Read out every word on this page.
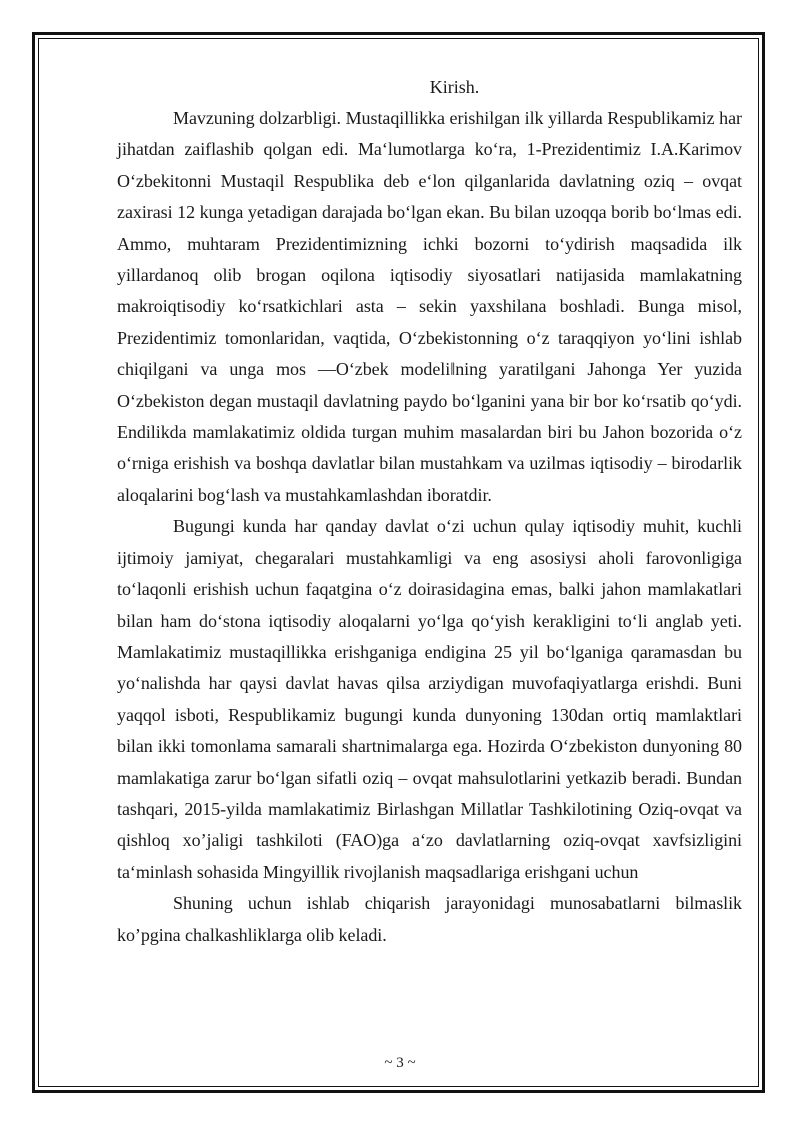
Kirish.

Mavzuning dolzarbligi. Mustaqillikka erishilgan ilk yillarda Respublikamiz har jihatdan zaiflashib qolgan edi. Ma‘lumotlarga ko‘ra, 1-Prezidentimiz I.A.Karimov O‘zbekitonni Mustaqil Respublika deb e‘lon qilganlarida davlatning oziq – ovqat zaxirasi 12 kunga yetadigan darajada bo‘lgan ekan. Bu bilan uzoqqa borib bo‘lmas edi. Ammo, muhtaram Prezidentimizning ichki bozorni to‘ydirish maqsadida ilk yillardanoq olib brogan oqilona iqtisodiy siyosatlari natijasida mamlakatning makroiqtisodiy ko‘rsatkichlari asta – sekin yaxshilana boshladi. Bunga misol, Prezidentimiz tomonlaridan, vaqtida, O‘zbekistonning o‘z taraqqiyon yo‘lini ishlab chiqilgani va unga mos ―O‘zbek modeli‖ning yaratilgani Jahonga Yer yuzida O‘zbekiston degan mustaqil davlatning paydo bo‘lganini yana bir bor ko‘rsatib qo‘ydi. Endilikda mamlakatimiz oldida turgan muhim masalardan biri bu Jahon bozorida o‘z o‘rniga erishish va boshqa davlatlar bilan mustahkam va uzilmas iqtisodiy – birodarlik aloqalarini bog‘lash va mustahkamlashdan iboratdir.

Bugungi kunda har qanday davlat o‘zi uchun qulay iqtisodiy muhit, kuchli ijtimoiy jamiyat, chegaralari mustahkamligi va eng asosiysi aholi farovonligiga to‘laqonli erishish uchun faqatgina o‘z doirasidagina emas, balki jahon mamlakatlari bilan ham do‘stona iqtisodiy aloqalarni yo‘lga qo‘yish kerakligini to‘li anglab yeti. Mamlakatimiz mustaqillikka erishganiga endigina 25 yil bo‘lganiga qaramasdan bu yo‘nalishda har qaysi davlat havas qilsa arziydigan muvofaqiyatlarga erishdi. Buni yaqqol isboti, Respublikamiz bugungi kunda dunyoning 130dan ortiq mamlaktlari bilan ikki tomonlama samarali shartnimalarga ega. Hozirda O‘zbekiston dunyoning 80 mamlakatiga zarur bo‘lgan sifatli oziq – ovqat mahsulotlarini yetkazib beradi. Bundan tashqari, 2015-yilda mamlakatimiz Birlashgan Millatlar Tashkilotining Oziq-ovqat va qishloq xo’jaligi tashkiloti (FAO)ga a‘zo davlatlarning oziq-ovqat xavfsizligini ta‘minlash sohasida Mingyillik rivojlanish maqsadlariga erishgani uchun

Shuning uchun ishlab chiqarish jarayonidagi munosabatlarni bilmaslik ko’pgina chalkashliklarga olib keladi.

~ 3 ~
